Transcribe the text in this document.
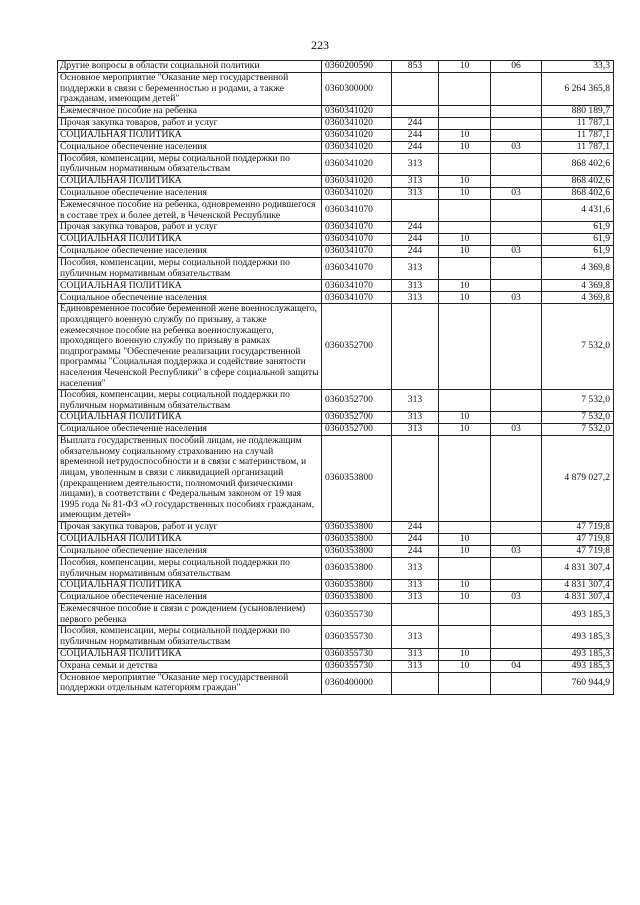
223
Другие вопросы в области социальной политики	0360200590	853	10	06	33,3
Основное мероприятие "Оказание мер государственной поддержки в связи с беременностью и родами, а также гражданам, имеющим детей"	0360300000				6 264 365,8
Ежемесячное пособие на ребенка	0360341020				880 189,7
Прочая закупка товаров, работ и услуг	0360341020	244			11 787,1
СОЦИАЛЬНАЯ ПОЛИТИКА	0360341020	244	10		11 787,1
Социальное обеспечение населения	0360341020	244	10	03	11 787,1
Пособия, компенсации, меры социальной поддержки по публичным нормативным обязательствам	0360341020	313			868 402,6
СОЦИАЛЬНАЯ ПОЛИТИКА	0360341020	313	10		868 402,6
Социальное обеспечение населения	0360341020	313	10	03	868 402,6
Ежемесячное пособие на ребенка, одновременно родившегося в составе трех и более детей, в Чеченской Республике	0360341070				4 431,6
Прочая закупка товаров, работ и услуг	0360341070	244			61,9
СОЦИАЛЬНАЯ ПОЛИТИКА	0360341070	244	10		61,9
Социальное обеспечение населения	0360341070	244	10	03	61,9
Пособия, компенсации, меры социальной поддержки по публичным нормативным обязательствам	0360341070	313			4 369,8
СОЦИАЛЬНАЯ ПОЛИТИКА	0360341070	313	10		4 369,8
Социальное обеспечение населения	0360341070	313	10	03	4 369,8
Единовременное пособие беременной жене военнослужащего, проходящего военную службу по призыву, а также ежемесячное пособие на ребенка военнослужащего, проходящего военную службу по призыву в рамках подпрограммы "Обеспечение реализации государственной программы "Социальная поддержка и содействие занятости населения Чеченской Республики" в сфере социальной защиты населения"	0360352700				7 532,0
Пособия, компенсации, меры социальной поддержки по публичным нормативным обязательствам	0360352700	313			7 532,0
СОЦИАЛЬНАЯ ПОЛИТИКА	0360352700	313	10		7 532,0
Социальное обеспечение населения	0360352700	313	10	03	7 532,0
Выплата государственных пособий лицам, не подлежащим обязательному социальному страхованию на случай временной нетрудоспособности и в связи с материнством, и лицам, уволенным в связи с ликвидацией организаций (прекращением деятельности, полномочий физическими лицами), в соответствии с Федеральным законом от 19 мая 1995 года № 81-ФЗ «О государственных пособиях гражданам, имеющим детей»	0360353800				4 879 027,2
Прочая закупка товаров, работ и услуг	0360353800	244			47 719,8
СОЦИАЛЬНАЯ ПОЛИТИКА	0360353800	244	10		47 719,8
Социальное обеспечение населения	0360353800	244	10	03	47 719,8
Пособия, компенсации, меры социальной поддержки по публичным нормативным обязательствам	0360353800	313			4 831 307,4
СОЦИАЛЬНАЯ ПОЛИТИКА	0360353800	313	10		4 831 307,4
Социальное обеспечение населения	0360353800	313	10	03	4 831 307,4
Ежемесячное пособие в связи с рождением (усыновлением) первого ребенка	0360355730				493 185,3
Пособия, компенсации, меры социальной поддержки по публичным нормативным обязательствам	0360355730	313			493 185,3
СОЦИАЛЬНАЯ ПОЛИТИКА	0360355730	313	10		493 185,3
Охрана семьи и детства	0360355730	313	10	04	493 185,3
Основное мероприятие "Оказание мер государственной поддержки отдельным категориям граждан"	0360400000				760 944,9
